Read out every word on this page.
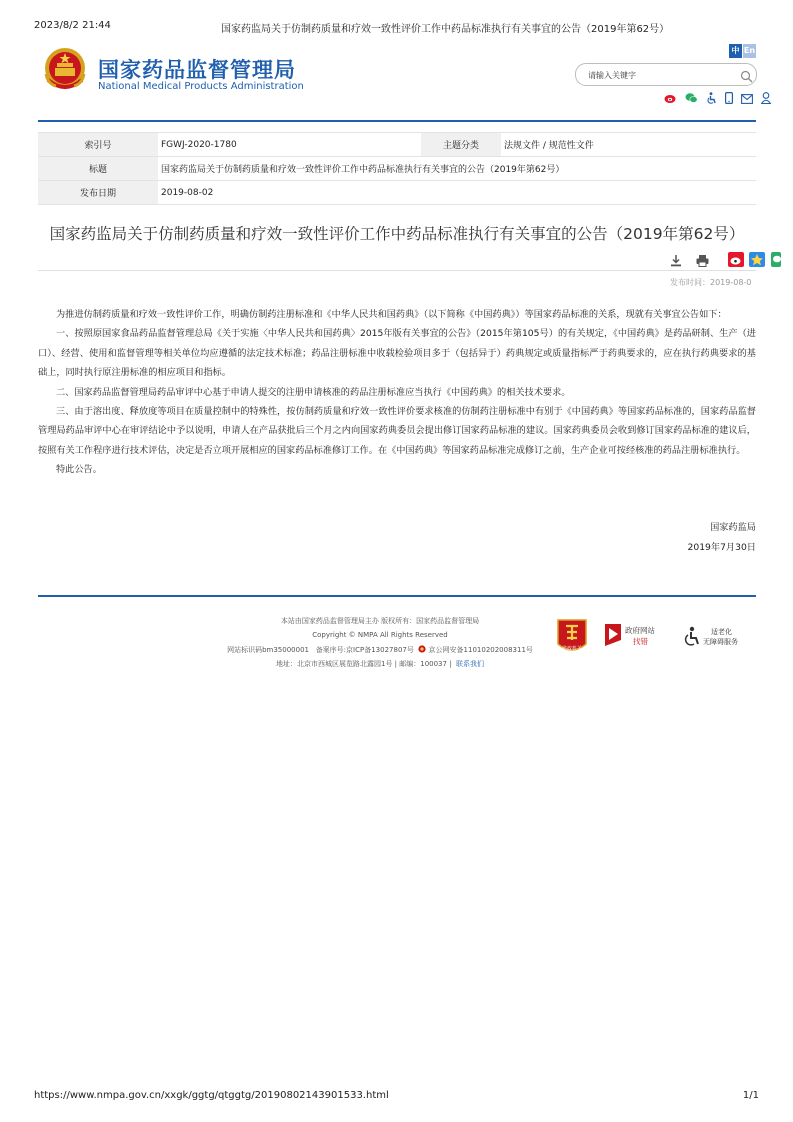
2023/8/2 21:44	国家药监局关于仿制药质量和疗效一致性评价工作中药品标准执行有关事宜的公告（2019年第62号）
国家药品监督管理局
National Medical Products Administration
中 En
请输入关键字

索引号	FGWJ-2020-1780	主题分类	法规文件 / 规范性文件
标题	国家药监局关于仿制药质量和疗效一致性评价工作中药品标准执行有关事宜的公告（2019年第62号）		
发布日期	2019-08-02		
国家药监局关于仿制药质量和疗效一致性评价工作中药品标准执行有关事宜的公告（2019年第62号）

发布时间：2019-08-0

为推进仿制药质量和疗效一致性评价工作，明确仿制药注册标准和《中华人民共和国药典》（以下简称《中国药典》）等国家药品标准的关系，现就有关事宜公告如下：

一、按照原国家食品药品监督管理总局《关于实施〈中华人民共和国药典〉2015年版有关事宜的公告》（2015年第105号）的有关规定，《中国药典》是药品研制、生产（进口）、经营、使用和监督管理等相关单位均应遵循的法定技术标准；药品注册标准中收载检验项目多于（包括异于）药典规定或质量指标严于药典要求的，应在执行药典要求的基础上，同时执行原注册标准的相应项目和指标。

二、国家药品监督管理局药品审评中心基于申请人提交的注册申请核准的药品注册标准应当执行《中国药典》的相关技术要求。

三、由于溶出度、释放度等项目在质量控制中的特殊性，按仿制药质量和疗效一致性评价要求核准的仿制药注册标准中有别于《中国药典》等国家药品标准的，国家药品监督管理局药品审评中心在审评结论中予以说明，申请人在产品获批后三个月之内向国家药典委员会提出修订国家药品标准的建议。国家药典委员会收到修订国家药品标准的建议后，按照有关工作程序进行技术评估，决定是否立项开展相应的国家药品标准修订工作。在《中国药典》等国家药品标准完成修订之前，生产企业可按经核准的药品注册标准执行。

特此公告。

国家药监局
2019年7月30日
本站由国家药品监督管理局主办 版权所有：国家药品监督管理局
Copyright © NMPA All Rights Reserved
网站标识码bm35000001 备案序号:京ICP备13027807号 京公网安备11010202008311号
地址：北京市西城区展览路北露园1号 | 邮编：100037 | 联系我们
党政机关
政府网站
找错
适老化
无障碍服务
https://www.nmpa.gov.cn/xxgk/ggtg/qtggtg/20190802143901533.html	1/1
